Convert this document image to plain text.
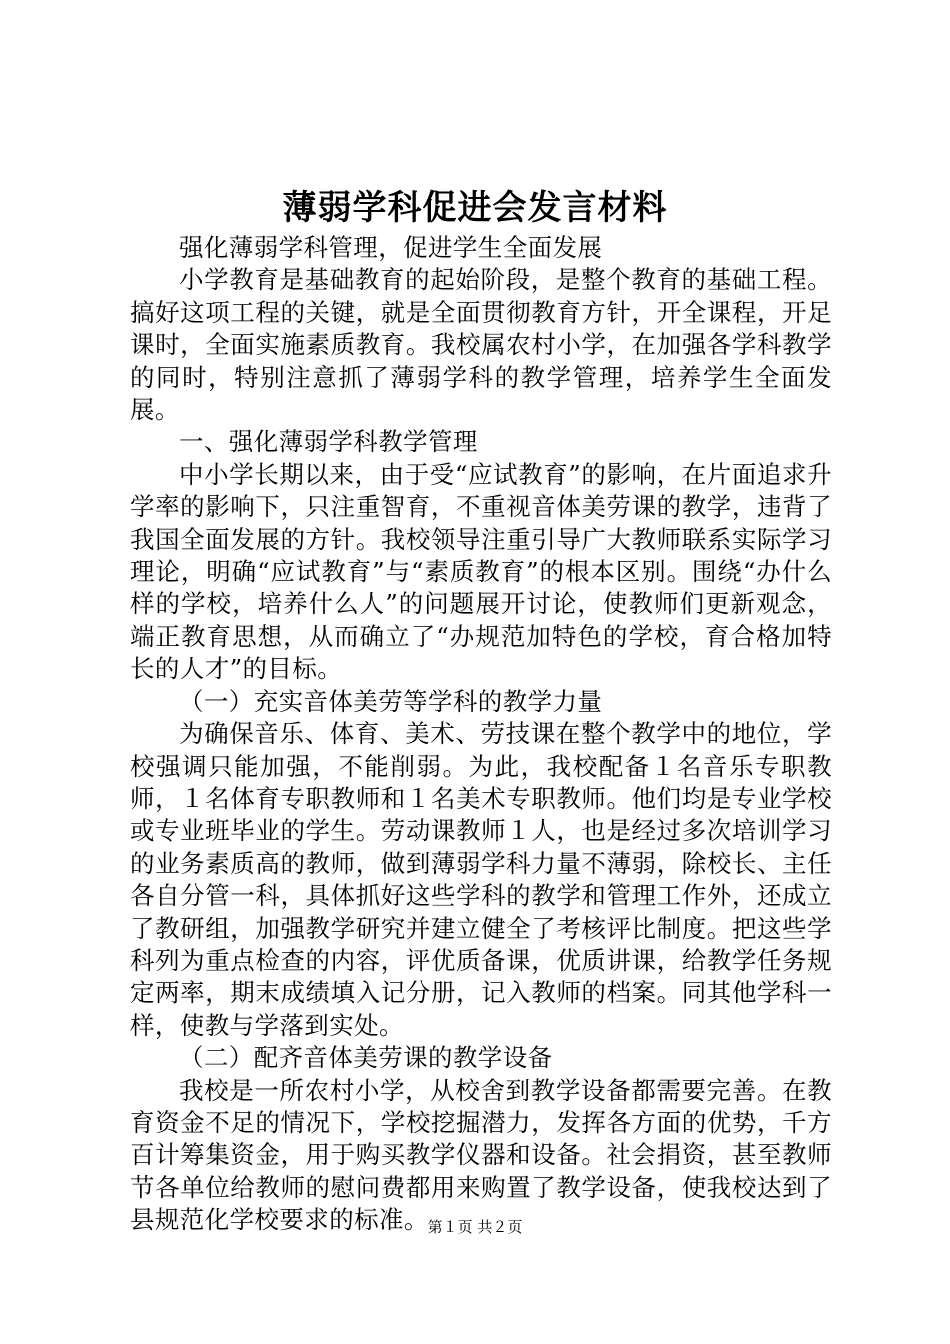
薄弱学科促进会发言材料

强化薄弱学科管理，促进学生全面发展

小学教育是基础教育的起始阶段，是整个教育的基础工程。搞好这项工程的关键，就是全面贯彻教育方针，开全课程，开足课时，全面实施素质教育。我校属农村小学，在加强各学科教学的同时，特别注意抓了薄弱学科的教学管理，培养学生全面发展。

一、强化薄弱学科教学管理

中小学长期以来，由于受“应试教育”的影响，在片面追求升学率的影响下，只注重智育，不重视音体美劳课的教学，违背了我国全面发展的方针。我校领导注重引导广大教师联系实际学习理论，明确“应试教育”与“素质教育”的根本区别。围绕“办什么样的学校，培养什么人”的问题展开讨论，使教师们更新观念，端正教育思想，从而确立了“办规范加特色的学校，育合格加特长的人才”的目标。

（一）充实音体美劳等学科的教学力量

为确保音乐、体育、美术、劳技课在整个教学中的地位，学校强调只能加强，不能削弱。为此，我校配备１名音乐专职教师，１名体育专职教师和１名美术专职教师。他们均是专业学校或专业班毕业的学生。劳动课教师１人，也是经过多次培训学习的业务素质高的教师，做到薄弱学科力量不薄弱，除校长、主任各自分管一科，具体抓好这些学科的教学和管理工作外，还成立了教研组，加强教学研究并建立健全了考核评比制度。把这些学科列为重点检查的内容，评优质备课，优质讲课，给教学任务规定两率，期末成绩填入记分册，记入教师的档案。同其他学科一样，使教与学落到实处。

（二）配齐音体美劳课的教学设备

我校是一所农村小学，从校舍到教学设备都需要完善。在教育资金不足的情况下，学校挖掘潜力，发挥各方面的优势，千方百计筹集资金，用于购买教学仪器和设备。社会捐资，甚至教师节各单位给教师的慰问费都用来购置了教学设备，使我校达到了县规范化学校要求的标准。

第１页 共２页
